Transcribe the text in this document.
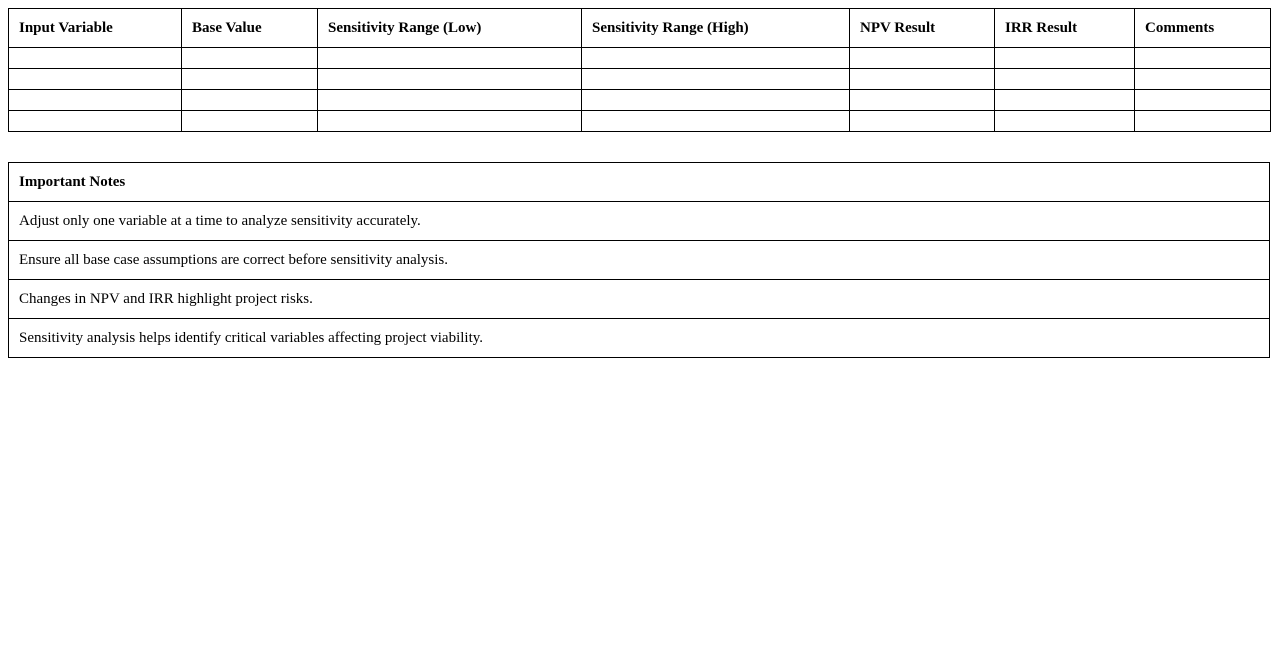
Input Variable	Base Value	Sensitivity Range (Low)	Sensitivity Range (High)	NPV Result	IRR Result	Comments

Important Notes
Adjust only one variable at a time to analyze sensitivity accurately.
Ensure all base case assumptions are correct before sensitivity analysis.
Changes in NPV and IRR highlight project risks.
Sensitivity analysis helps identify critical variables affecting project viability.
